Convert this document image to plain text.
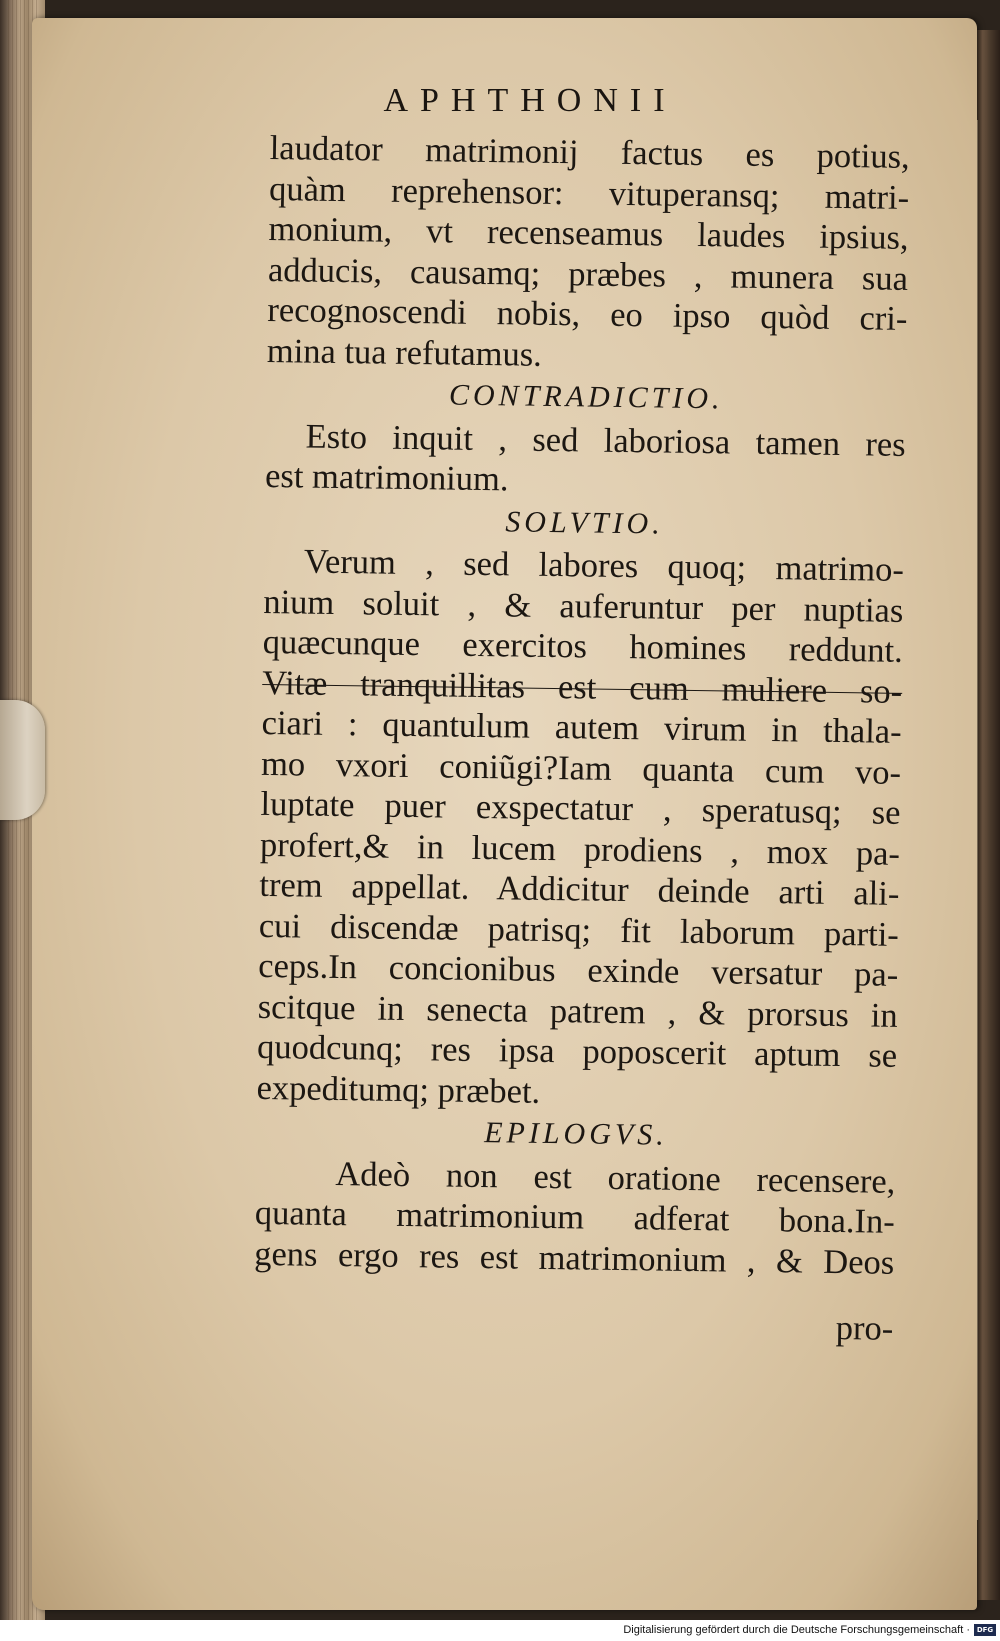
APHTHONII
laudator matrimonij factus es potius,
quàm reprehensor: vituperansq; matri-
monium, vt recenseamus laudes ipsius,
adducis, causamq; præbes , munera sua
recognoscendi nobis, eo ipso quòd cri-
mina tua refutamus.
CONTRADICTIO.
Esto inquit , sed laboriosa tamen res
est matrimonium.
SOLVTIO.
Verum , sed labores quoq; matrimo-
nium soluit , & auferuntur per nuptias
quæcunque exercitos homines reddunt.
Vitæ tranquillitas est cum muliere so-
ciari : quantulum autem virum in thala-
mo vxori coniũgi?Iam quanta cum vo-
luptate puer exspectatur , speratusq; se
profert,& in lucem prodiens , mox pa-
trem appellat. Addicitur deinde arti ali-
cui discendæ patrisq; fit laborum parti-
ceps.In concionibus exinde versatur pa-
scitque in senecta patrem , & prorsus in
quodcunq; res ipsa poposcerit aptum se
expeditumq; præbet.
EPILOGVS.
Adeò non est oratione recensere,
quanta matrimonium adferat bona.In-
gens ergo res est matrimonium , & Deos
pro-
Digitalisierung gefördert durch die Deutsche Forschungsgemeinschaft · DFG
